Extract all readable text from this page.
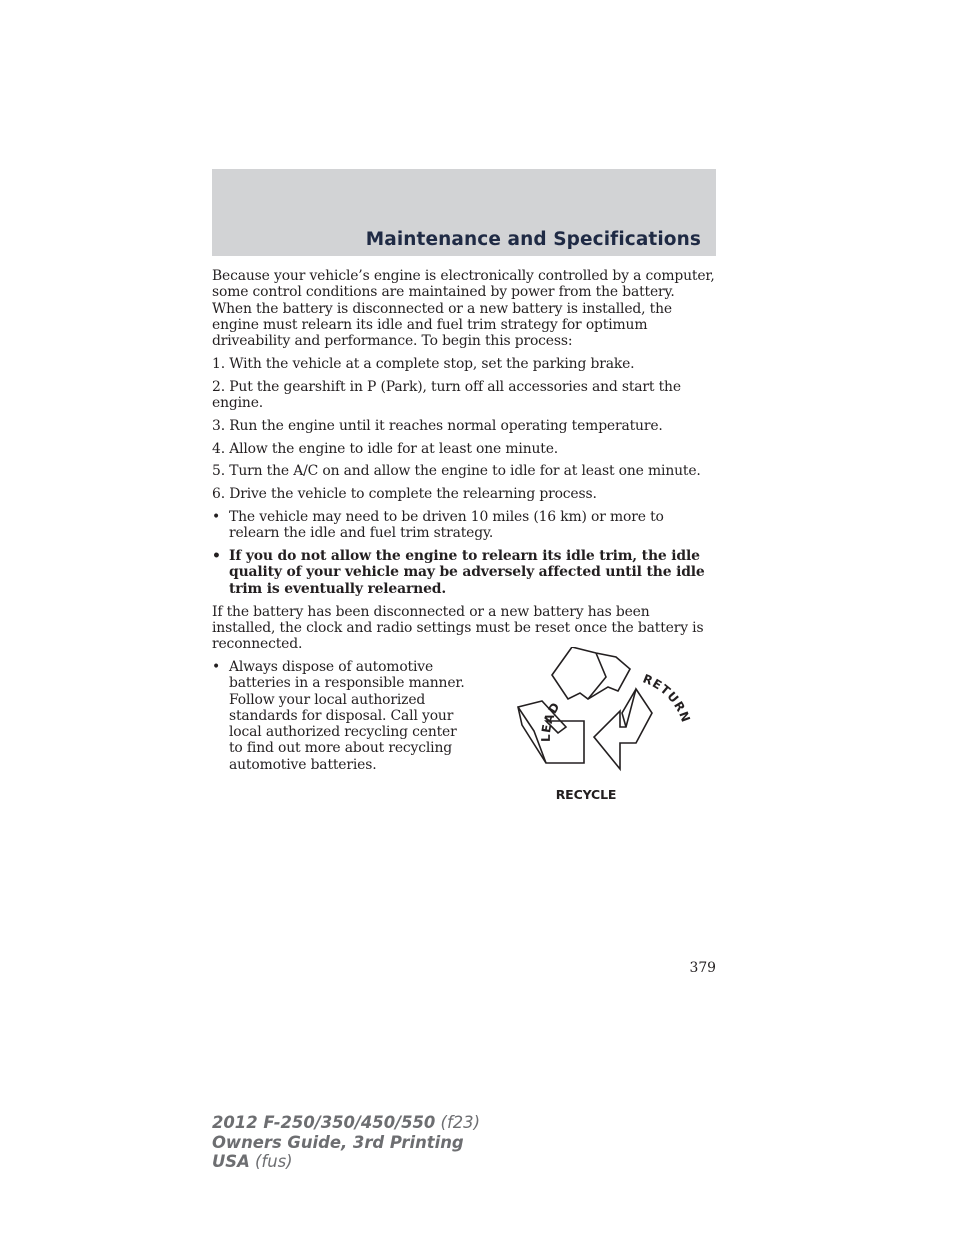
Maintenance and Specifications

Because your vehicle’s engine is electronically controlled by a computer, some control conditions are maintained by power from the battery. When the battery is disconnected or a new battery is installed, the engine must relearn its idle and fuel trim strategy for optimum driveability and performance. To begin this process:

1. With the vehicle at a complete stop, set the parking brake.

2. Put the gearshift in P (Park), turn off all accessories and start the engine.

3. Run the engine until it reaches normal operating temperature.

4. Allow the engine to idle for at least one minute.

5. Turn the A/C on and allow the engine to idle for at least one minute.

6. Drive the vehicle to complete the relearning process.

• The vehicle may need to be driven 10 miles (16 km) or more to relearn the idle and fuel trim strategy.
• If you do not allow the engine to relearn its idle trim, the idle quality of your vehicle may be adversely affected until the idle trim is eventually relearned.

If the battery has been disconnected or a new battery has been installed, the clock and radio settings must be reset once the battery is reconnected.

• Always dispose of automotive batteries in a responsible manner. Follow your local authorized standards for disposal. Call your local authorized recycling center to find out more about recycling automotive batteries.
LEAD
RETURN
RECYCLE
379
2012 F-250/350/450/550 (f23)
Owners Guide, 3rd Printing
USA (fus)
